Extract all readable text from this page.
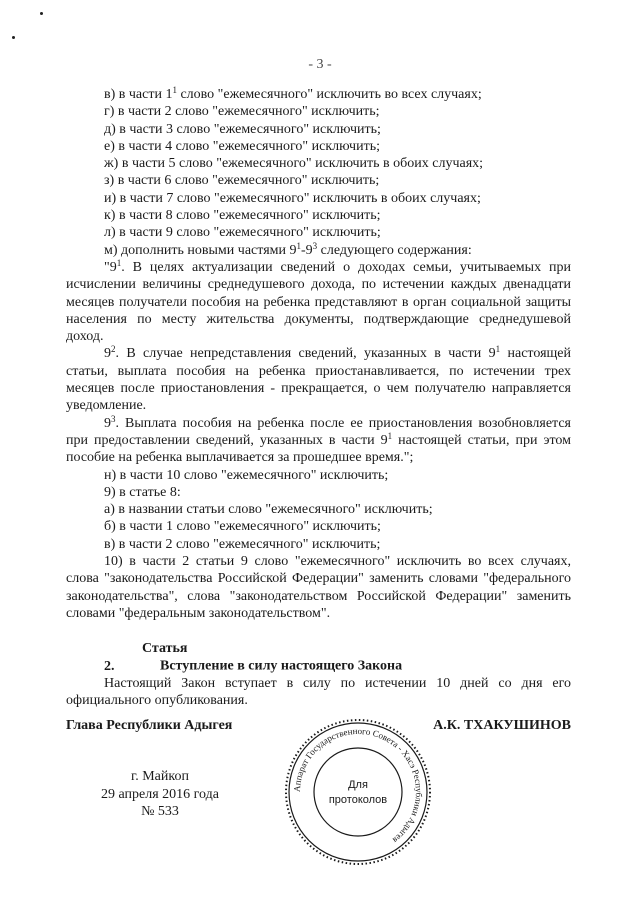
- 3 -

в) в части $1^1$ слово "ежемесячного" исключить во всех случаях;

г) в части 2 слово "ежемесячного" исключить;

д) в части 3 слово "ежемесячного" исключить;

е) в части 4 слово "ежемесячного" исключить;

ж) в части 5 слово "ежемесячного" исключить в обоих случаях;

з) в части 6 слово "ежемесячного" исключить;

и) в части 7 слово "ежемесячного" исключить в обоих случаях;

к) в части 8 слово "ежемесячного" исключить;

л) в части 9 слово "ежемесячного" исключить;

м) дополнить новыми частями $9^1-9^3$ следующего содержания:

"$9^1$. В целях актуализации сведений о доходах семьи, учитываемых при исчислении величины среднедушевого дохода, по истечении каждых двенадцати месяцев получатели пособия на ребенка представляют в орган социальной защиты населения по месту жительства документы, подтверждающие среднедушевой доход.

$9^2$. В случае непредставления сведений, указанных в части $9^1$ настоящей статьи, выплата пособия на ребенка приостанавливается, по истечении трех месяцев после приостановления - прекращается, о чем получателю направляется уведомление.

$9^3$. Выплата пособия на ребенка после ее приостановления возобновляется при предоставлении сведений, указанных в части $9^1$ настоящей статьи, при этом пособие на ребенка выплачивается за прошедшее время.";

н) в части 10 слово "ежемесячного" исключить;

9) в статье 8:

а) в названии статьи слово "ежемесячного" исключить;

б) в части 1 слово "ежемесячного" исключить;

в) в части 2 слово "ежемесячного" исключить;

10) в части 2 статьи 9 слово "ежемесячного" исключить во всех случаях, слова "законодательства Российской Федерации" заменить словами "федерального законодательства", слова "законодательством Российской Федерации" заменить словами "федеральным законодательством".

Статья 2.	Вступление в силу настоящего Закона

Настоящий Закон вступает в силу по истечении 10 дней со дня его официального опубликования.

Глава Республики Адыгея	А.К. ТХАКУШИНОВ
г. Майкоп
29 апреля 2016 года
№ 533
Аппарат Государственного Совета - Хасэ Республики Адыгея
Для
протоколов
